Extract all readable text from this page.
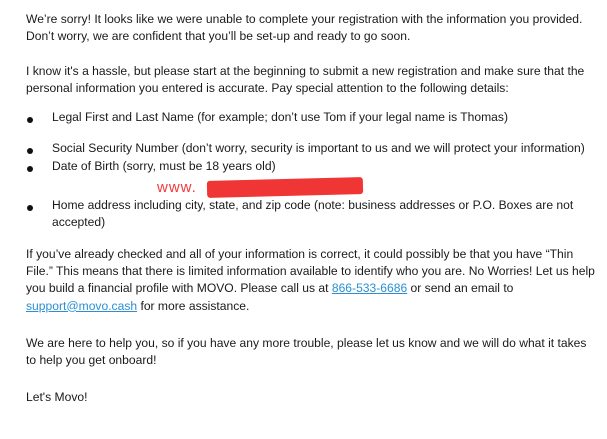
We’re sorry! It looks like we were unable to complete your registration with the information you provided. Don’t worry, we are confident that you’ll be set-up and ready to go soon.

I know it's a hassle, but please start at the beginning to submit a new registration and make sure that the personal information you entered is accurate. Pay special attention to the following details:

Legal First and Last Name (for example; don’t use Tom if your legal name is Thomas)
Social Security Number (don’t worry, security is important to us and we will protect your information)
Date of Birth (sorry, must be 18 years old)
Home address including city, state, and zip code (note: business addresses or P.O. Boxes are not accepted)

If you’ve already checked and all of your information is correct, it could possibly be that you have “Thin File.” This means that there is limited information available to identify who you are. No Worries! Let us help you build a financial profile with MOVO. Please call us at 866-533-6686 or send an email to support@movo.cash for more assistance.

We are here to help you, so if you have any more trouble, please let us know and we will do what it takes to help you get onboard!

Let's Movo!

www.
